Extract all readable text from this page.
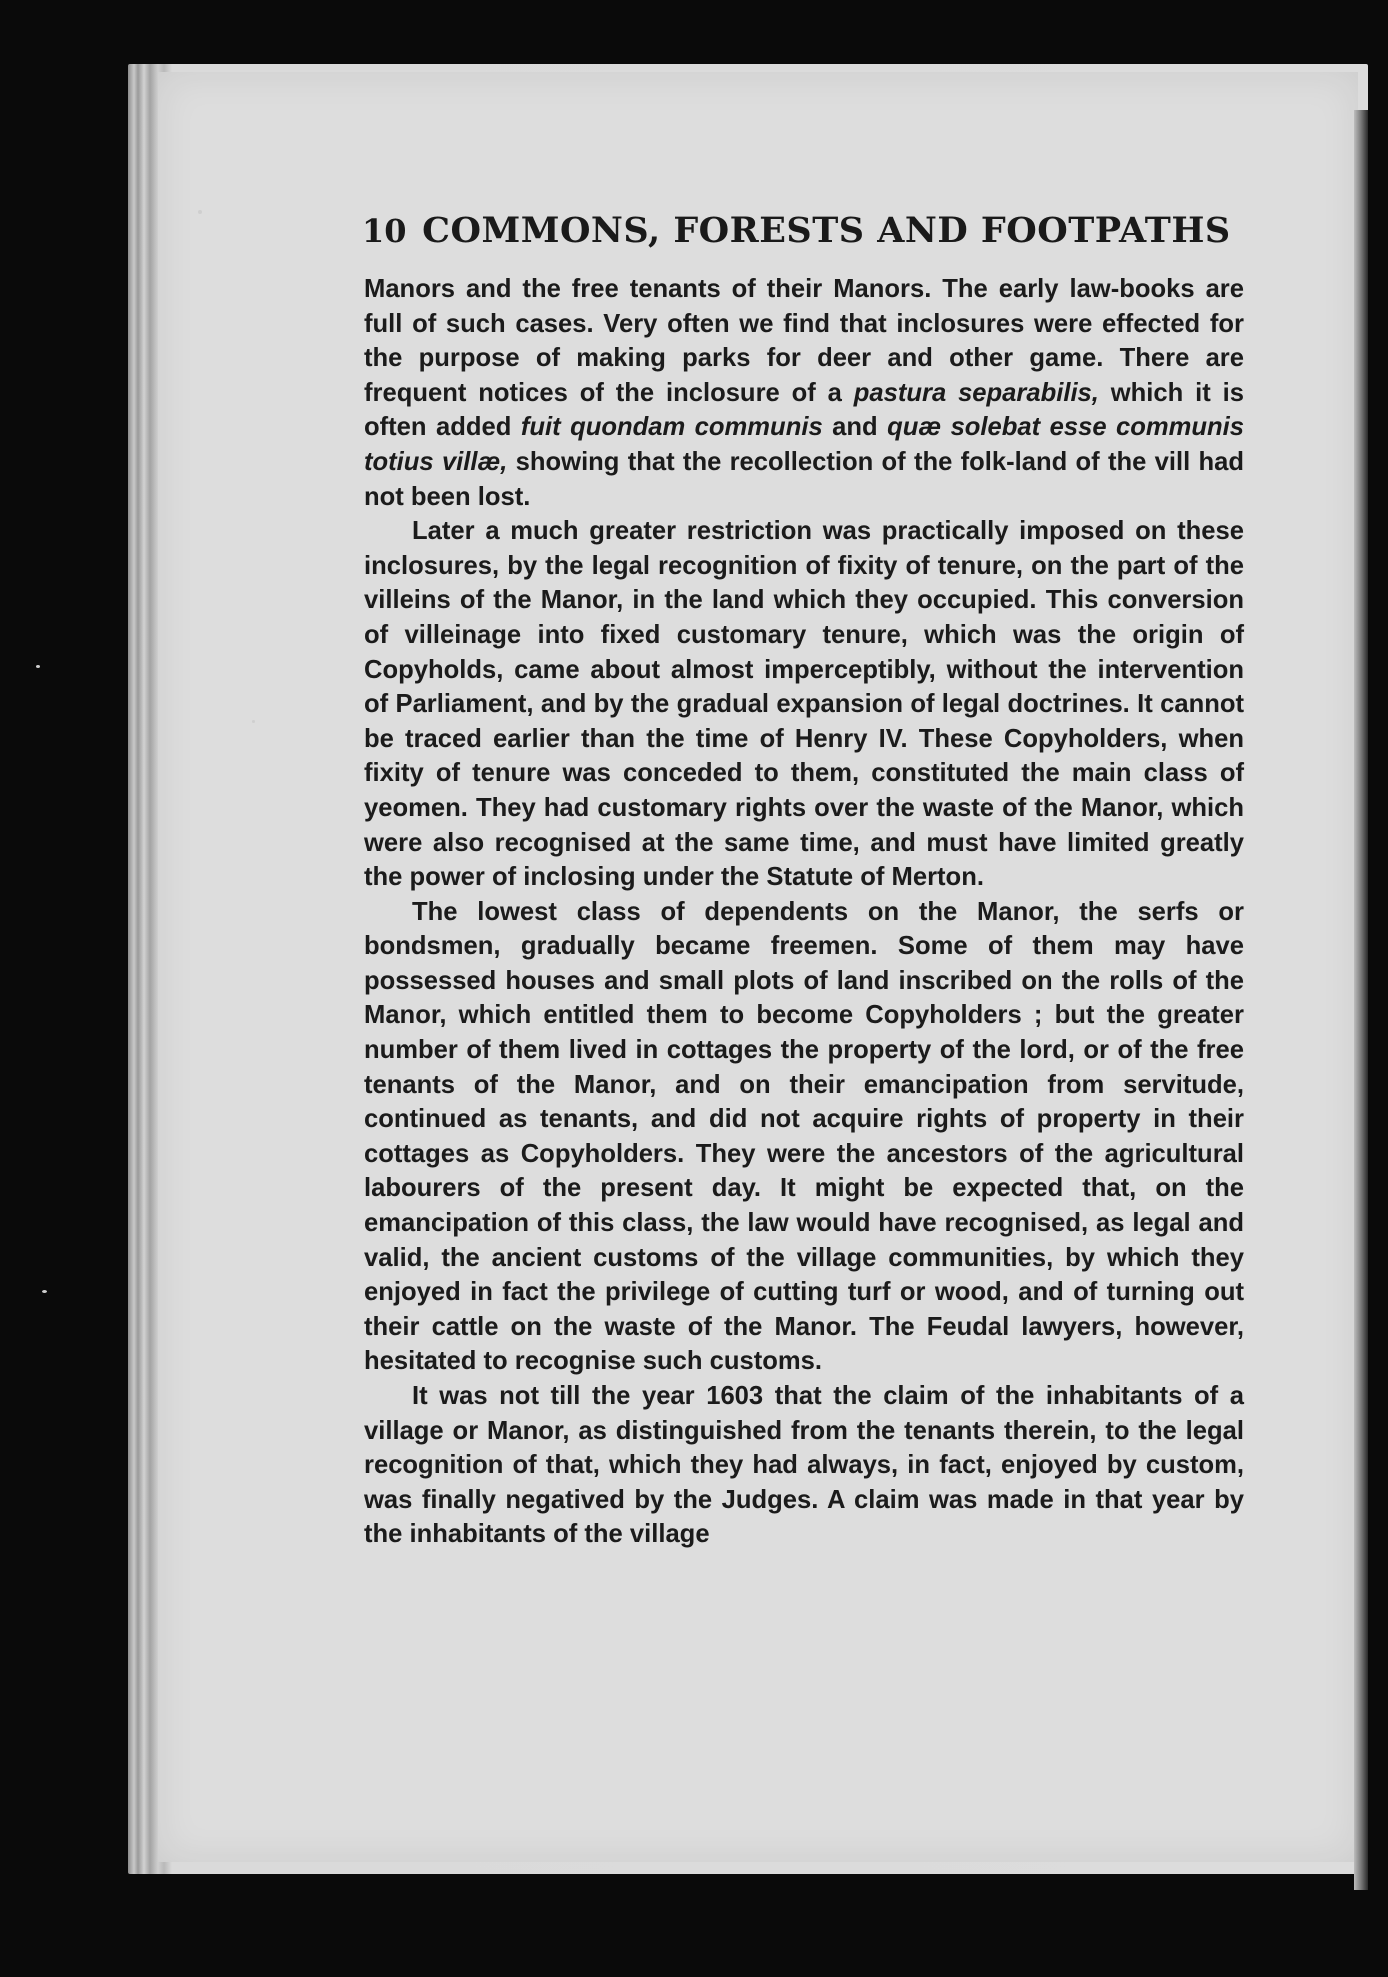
10 COMMONS, FORESTS AND FOOTPATHS

Manors and the free tenants of their Manors. The early law-books are full of such cases. Very often we find that inclosures were effected for the purpose of making parks for deer and other game. There are frequent notices of the inclosure of a pastura separabilis, which it is often added fuit quondam communis and quæ solebat esse communis totius villæ, showing that the recollection of the folk-land of the vill had not been lost.

Later a much greater restriction was practically imposed on these inclosures, by the legal recognition of fixity of tenure, on the part of the villeins of the Manor, in the land which they occupied. This conversion of villeinage into fixed customary tenure, which was the origin of Copyholds, came about almost imperceptibly, without the intervention of Parliament, and by the gradual expansion of legal doctrines. It cannot be traced earlier than the time of Henry IV. These Copyholders, when fixity of tenure was conceded to them, constituted the main class of yeomen. They had customary rights over the waste of the Manor, which were also recognised at the same time, and must have limited greatly the power of inclosing under the Statute of Merton.

The lowest class of dependents on the Manor, the serfs or bondsmen, gradually became freemen. Some of them may have possessed houses and small plots of land inscribed on the rolls of the Manor, which entitled them to become Copyholders ; but the greater number of them lived in cottages the property of the lord, or of the free tenants of the Manor, and on their emancipation from servitude, continued as tenants, and did not acquire rights of property in their cottages as Copyholders. They were the ancestors of the agricultural labourers of the present day. It might be expected that, on the emancipation of this class, the law would have recognised, as legal and valid, the ancient customs of the village communities, by which they enjoyed in fact the privilege of cutting turf or wood, and of turning out their cattle on the waste of the Manor. The Feudal lawyers, however, hesitated to recognise such customs.

It was not till the year 1603 that the claim of the inhabitants of a village or Manor, as distinguished from the tenants therein, to the legal recognition of that, which they had always, in fact, enjoyed by custom, was finally negatived by the Judges. A claim was made in that year by the inhabitants of the village
